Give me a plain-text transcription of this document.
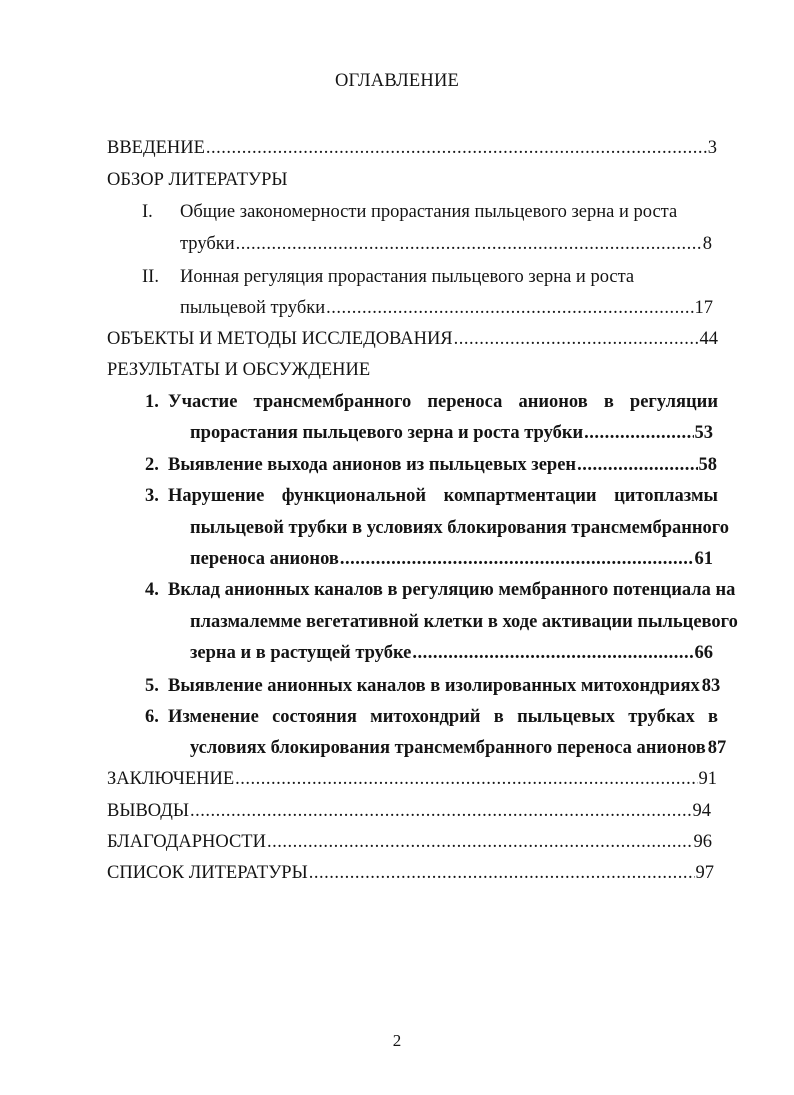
ОГЛАВЛЕНИЕ
ВВЕДЕНИЕ .....	3
ОБЗОР ЛИТЕРАТУРЫ
I. Общие закономерности прорастания пыльцевого зерна и роста
трубки .....	8
II. Ионная регуляция прорастания пыльцевого зерна и роста
пыльцевой трубки .....	17
ОБЪЕКТЫ И МЕТОДЫ ИССЛЕДОВАНИЯ .....	44
РЕЗУЛЬТАТЫ И ОБСУЖДЕНИЕ
1. Участие трансмембранного переноса анионов в регуляции
прорастания пыльцевого зерна и роста трубки .....	53
2. Выявление выхода анионов из пыльцевых зерен .....	58
3. Нарушение функциональной компартментации цитоплазмы
пыльцевой трубки в условиях блокирования трансмембранного
переноса анионов .....	61
4. Вклад анионных каналов в регуляцию мембранного потенциала на
плазмалемме вегетативной клетки в ходе активации пыльцевого
зерна и в растущей трубке .....	66
5. Выявление анионных каналов в изолированных митохондриях 83
6. Изменение состояния митохондрий в пыльцевых трубках в
условиях блокирования трансмембранного переноса анионов 87
ЗАКЛЮЧЕНИЕ .....	91
ВЫВОДЫ .....	94
БЛАГОДАРНОСТИ .....	96
СПИСОК ЛИТЕРАТУРЫ .....	97
2
